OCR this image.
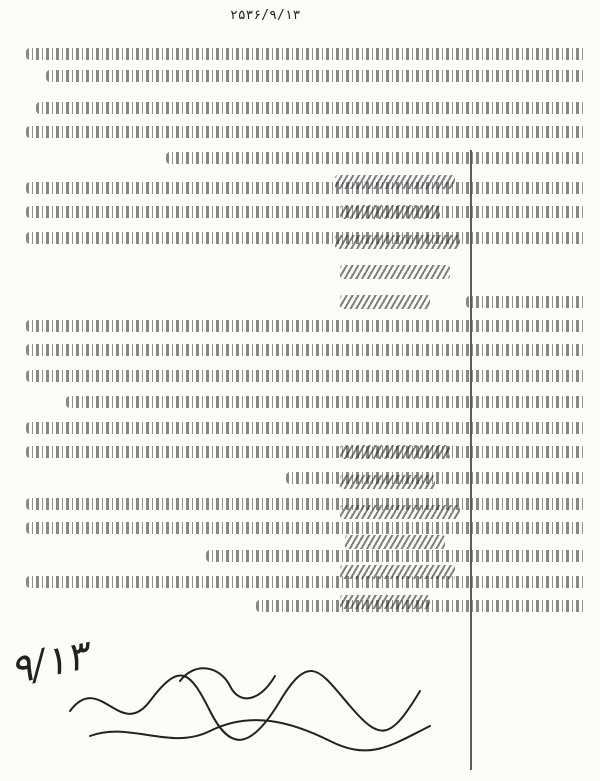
۲۵۳۶/۹/۱۳
۹/۱۳
